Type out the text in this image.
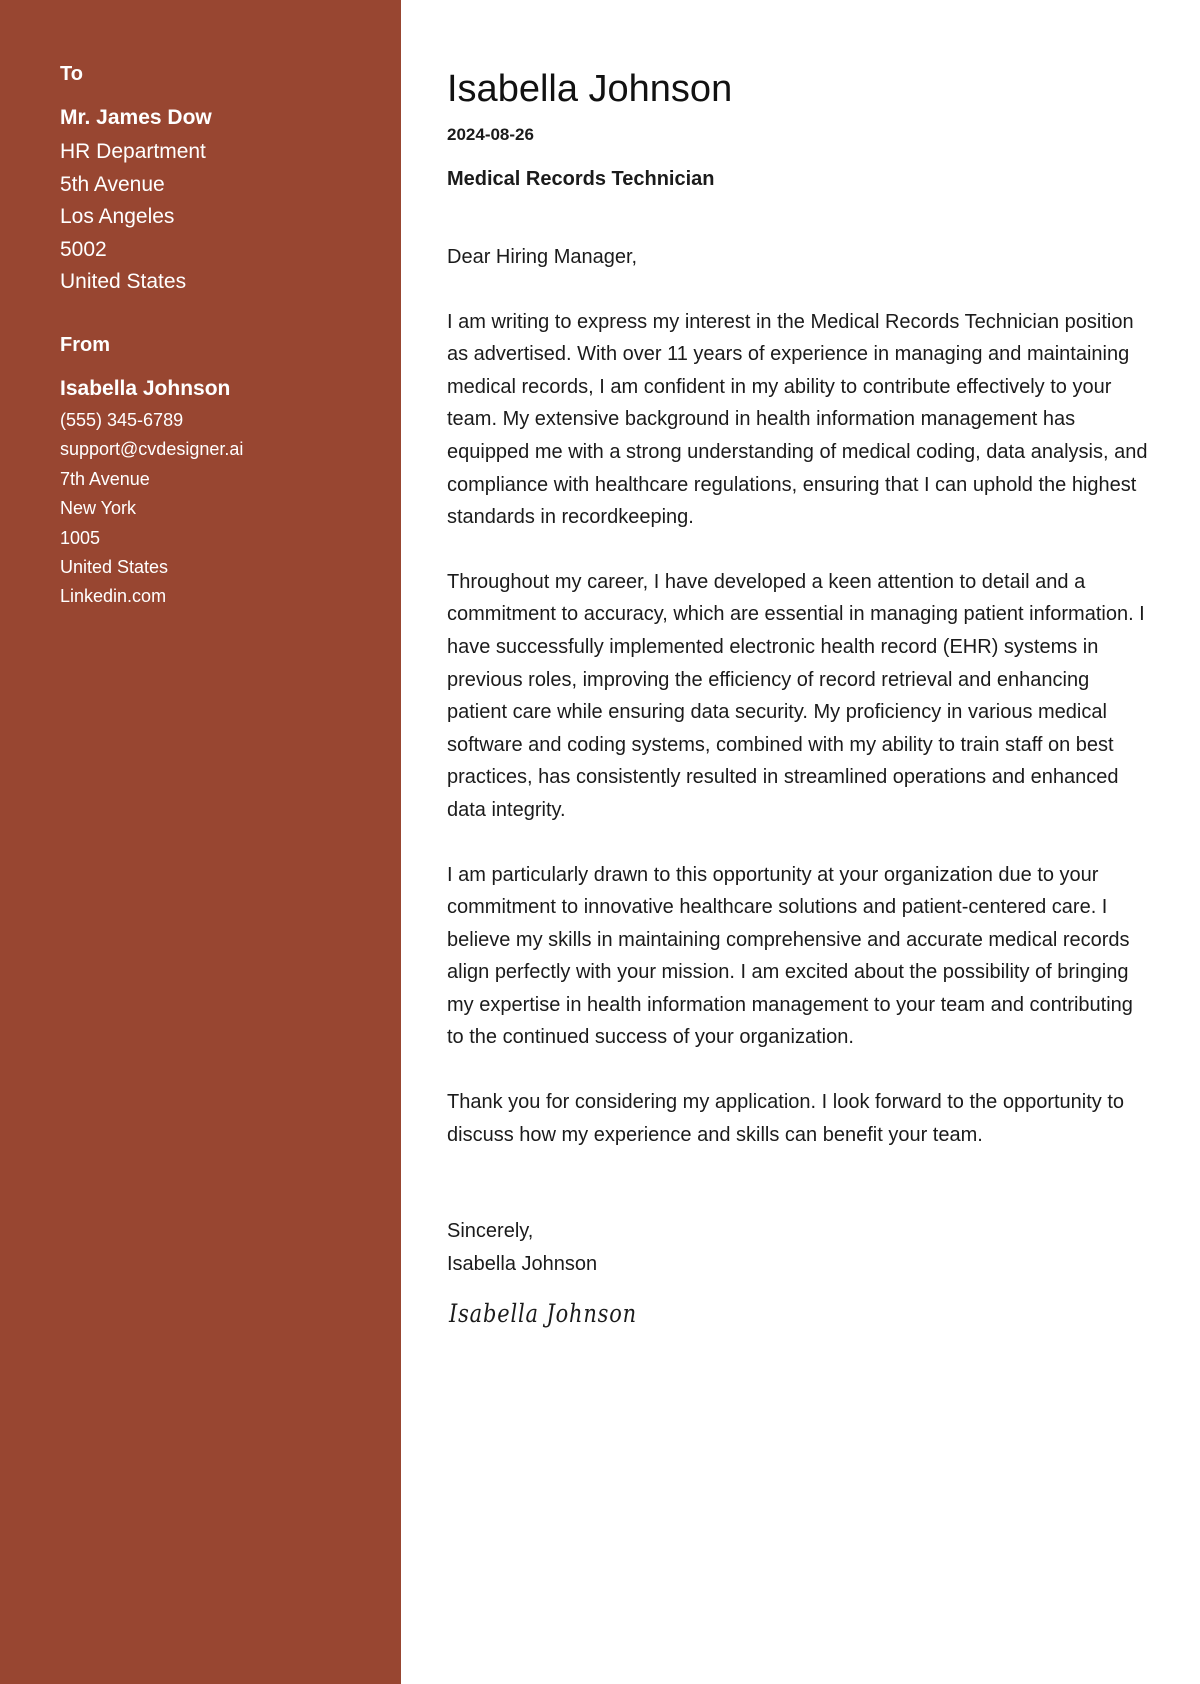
To
Mr. James Dow
HR Department
5th Avenue
Los Angeles
5002
United States
From
Isabella Johnson
(555) 345-6789
support@cvdesigner.ai
7th Avenue
New York
1005
United States
Linkedin.com
Isabella Johnson
2024-08-26
Medical Records Technician
Dear Hiring Manager,

I am writing to express my interest in the Medical Records Technician position as advertised. With over 11 years of experience in managing and maintaining medical records, I am confident in my ability to contribute effectively to your team. My extensive background in health information management has equipped me with a strong understanding of medical coding, data analysis, and compliance with healthcare regulations, ensuring that I can uphold the highest standards in recordkeeping.

Throughout my career, I have developed a keen attention to detail and a commitment to accuracy, which are essential in managing patient information. I have successfully implemented electronic health record (EHR) systems in previous roles, improving the efficiency of record retrieval and enhancing patient care while ensuring data security. My proficiency in various medical software and coding systems, combined with my ability to train staff on best practices, has consistently resulted in streamlined operations and enhanced data integrity.

I am particularly drawn to this opportunity at your organization due to your commitment to innovative healthcare solutions and patient-centered care. I believe my skills in maintaining comprehensive and accurate medical records align perfectly with your mission. I am excited about the possibility of bringing my expertise in health information management to your team and contributing to the continued success of your organization.

Thank you for considering my application. I look forward to the opportunity to discuss how my experience and skills can benefit your team.

Sincerely,
Isabella Johnson
Isabella Johnson
